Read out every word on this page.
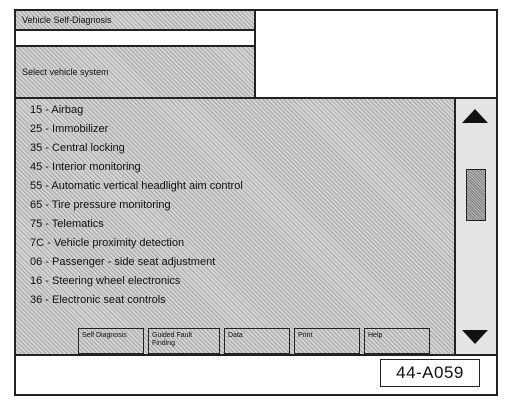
Vehicle Self-Diagnosis
Select vehicle system
15 - Airbag
25 - Immobilizer
35 - Central locking
45 - Interior monitoring
55 - Automatic vertical headlight aim control
65 - Tire pressure monitoring
75 - Telematics
7C - Vehicle proximity detection
06 - Passenger - side seat adjustment
16 - Steering wheel electronics
36 - Electronic seat controls
Self Diagnosis	Guided Fault Finding
Data	Print	Help
44-A059
